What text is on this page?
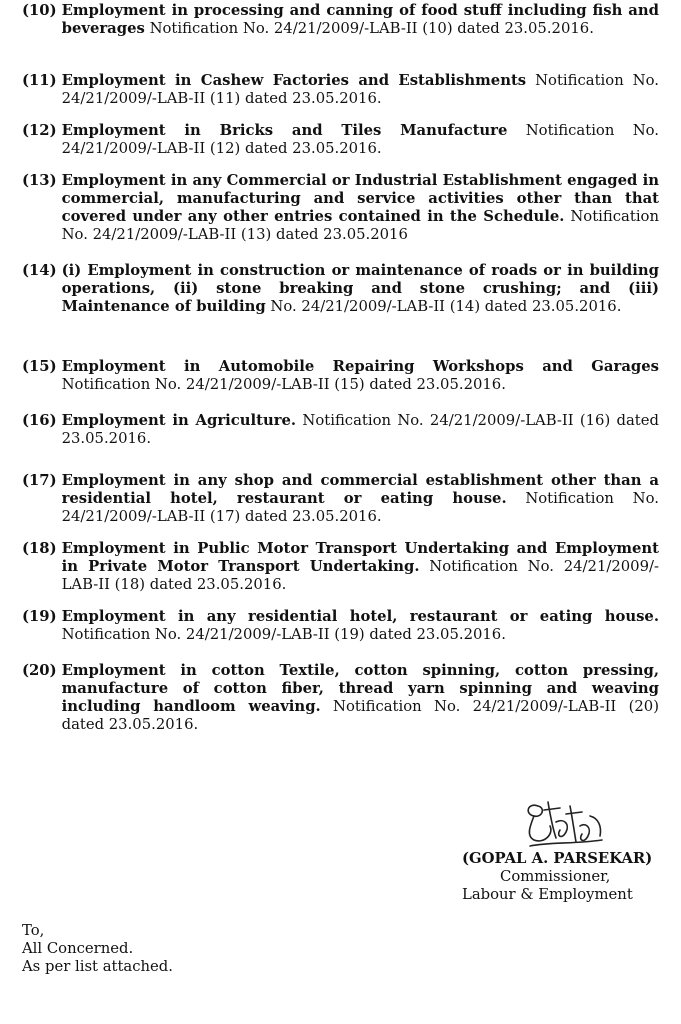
(10) Employment in processing and canning of food stuff including fish and beverages Notification No. 24/21/2009/-LAB-II (10) dated 23.05.2016.
(11) Employment in Cashew Factories and Establishments Notification No. 24/21/2009/-LAB-II (11) dated 23.05.2016.
(12) Employment in Bricks and Tiles Manufacture Notification No. 24/21/2009/-LAB-II (12) dated 23.05.2016.
(13) Employment in any Commercial or Industrial Establishment engaged in commercial, manufacturing and service activities other than that covered under any other entries contained in the Schedule. Notification No. 24/21/2009/-LAB-II (13) dated 23.05.2016
(14) (i) Employment in construction or maintenance of roads or in building operations, (ii) stone breaking and stone crushing; and (iii) Maintenance of building No. 24/21/2009/-LAB-II (14) dated 23.05.2016.
(15) Employment in Automobile Repairing Workshops and Garages Notification No. 24/21/2009/-LAB-II (15) dated 23.05.2016.
(16) Employment in Agriculture. Notification No. 24/21/2009/-LAB-II (16) dated 23.05.2016.
(17) Employment in any shop and commercial establishment other than a residential hotel, restaurant or eating house. Notification No. 24/21/2009/-LAB-II (17) dated 23.05.2016.
(18) Employment in Public Motor Transport Undertaking and Employment in Private Motor Transport Undertaking. Notification No. 24/21/2009/-LAB-II (18) dated 23.05.2016.
(19) Employment in any residential hotel, restaurant or eating house. Notification No. 24/21/2009/-LAB-II (19) dated 23.05.2016.
(20) Employment in cotton Textile, cotton spinning, cotton pressing, manufacture of cotton fiber, thread yarn spinning and weaving including handloom weaving. Notification No. 24/21/2009/-LAB-II (20) dated 23.05.2016.
(GOPAL A. PARSEKAR)
Commissioner,
Labour & Employment
To,
All Concerned.
As per list attached.
